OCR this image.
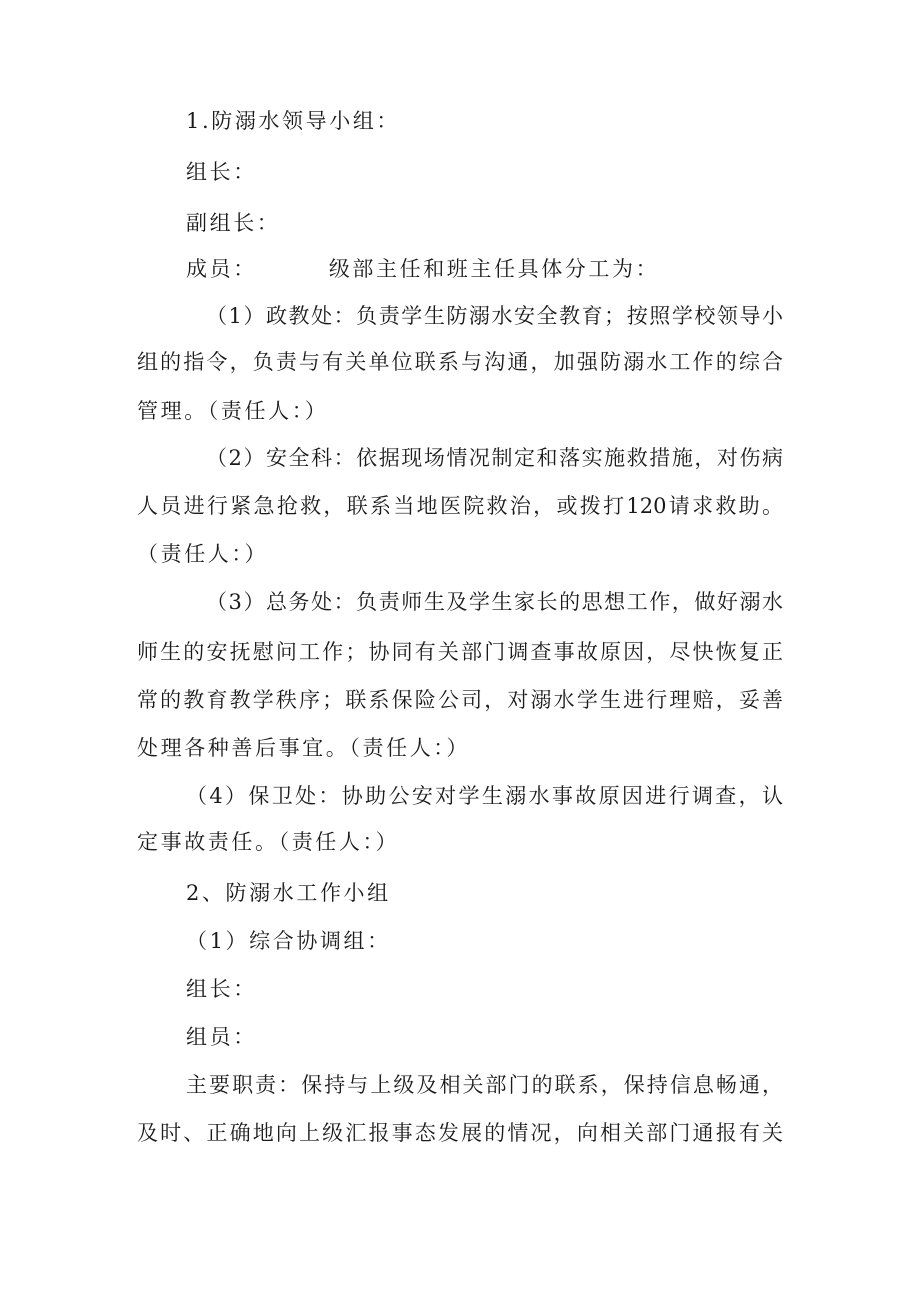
1.防溺水领导小组：
组长：
副组长：
成员：	级部主任和班主任具体分工为：
（1）政教处：负责学生防溺水安全教育；按照学校领导小
组的指令，负责与有关单位联系与沟通，加强防溺水工作的综合
管理。（责任人：）
（2）安全科：依据现场情况制定和落实施救措施，对伤病
人员进行紧急抢救，联系当地医院救治，或拨打120请求救助。
（责任人：）
（3）总务处：负责师生及学生家长的思想工作，做好溺水
师生的安抚慰问工作；协同有关部门调查事故原因，尽快恢复正
常的教育教学秩序；联系保险公司，对溺水学生进行理赔，妥善
处理各种善后事宜。（责任人：）
（4）保卫处：协助公安对学生溺水事故原因进行调查，认
定事故责任。（责任人：）
2、防溺水工作小组
（1）综合协调组：
组长：
组员：
主要职责：保持与上级及相关部门的联系，保持信息畅通，
及时、正确地向上级汇报事态发展的情况，向相关部门通报有关
